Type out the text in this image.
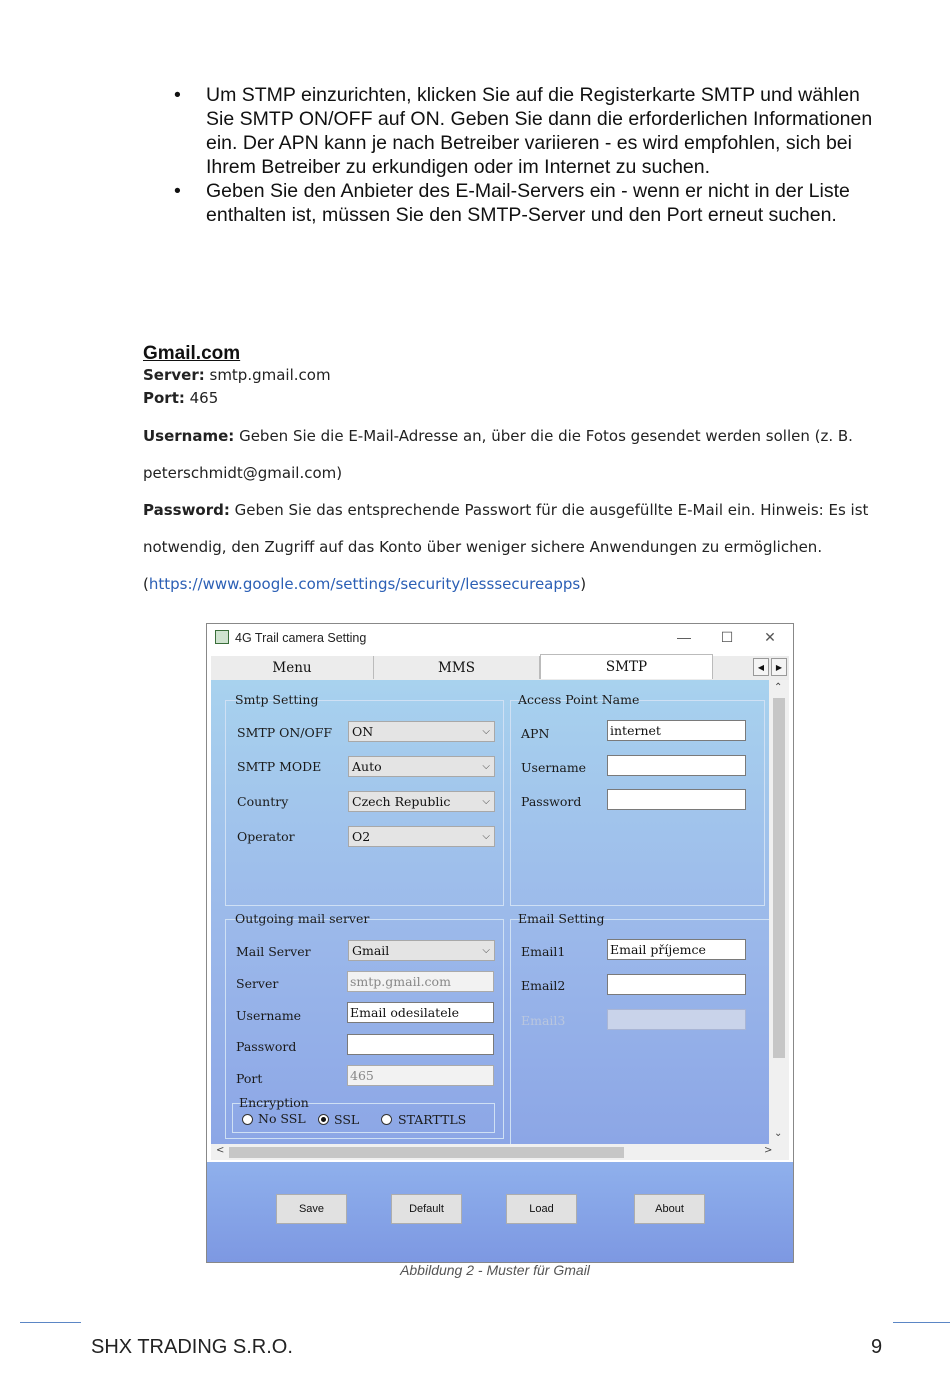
• Um STMP einzurichten, klicken Sie auf die Registerkarte SMTP und wählen Sie SMTP ON/OFF auf ON. Geben Sie dann die erforderlichen Informationen ein. Der APN kann je nach Betreiber variieren - es wird empfohlen, sich bei Ihrem Betreiber zu erkundigen oder im Internet zu suchen.
• Geben Sie den Anbieter des E-Mail-Servers ein - wenn er nicht in der Liste enthalten ist, müssen Sie den SMTP-Server und den Port erneut suchen.
Gmail.com
Server: smtp.gmail.com
Port: 465
Username: Geben Sie die E-Mail-Adresse an, über die die Fotos gesendet werden sollen (z. B.
peterschmidt@gmail.com)
Password: Geben Sie das entsprechende Passwort für die ausgefüllte E-Mail ein. Hinweis: Es ist
notwendig, den Zugriff auf das Konto über weniger sichere Anwendungen zu ermöglichen.
(https://www.google.com/settings/security/lesssecureapps)
4G Trail camera Setting	—	☐	✕
Menu	MMS	SMTP	◀	▶
Smtp Setting
SMTP ON/OFF	ON	⌵
SMTP MODE	Auto	⌵
Country	Czech Republic	⌵
Operator	O2	⌵
Access Point Name
APN	internet
Username
Password
Outgoing mail server
Mail Server	Gmail	⌵
Server	smtp.gmail.com
Username	Email odesilatele
Password
Port	465
Encryption
No SSL SSL	STARTTLS
Email Setting
Email1	Email příjemce
Email2
Email3
⌃
⌄
<	>
Save	Default	Load	About
Abbildung 2 - Muster für Gmail
SHX TRADING S.R.O.	9
